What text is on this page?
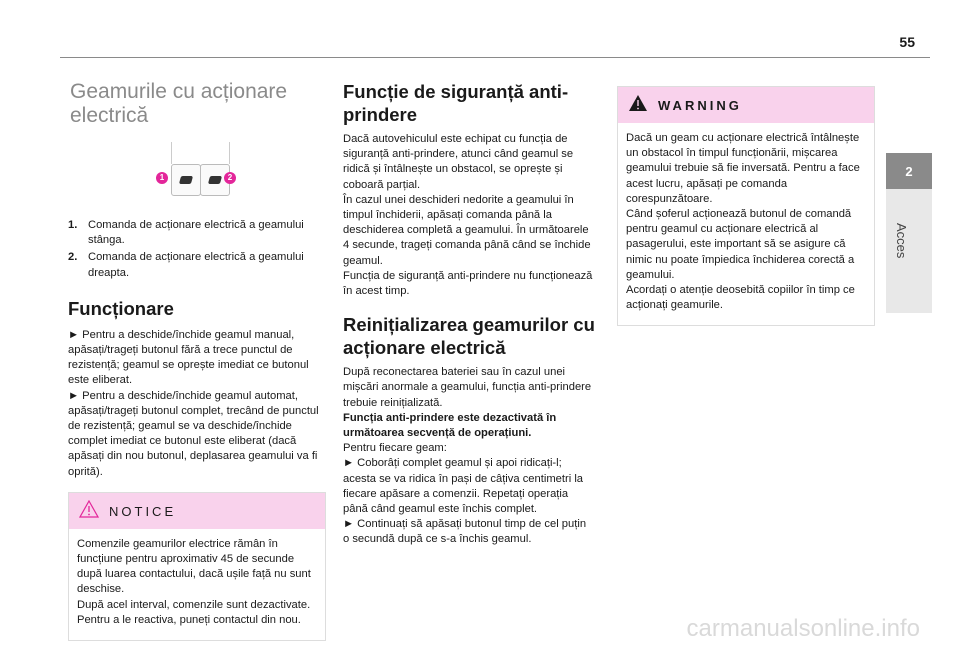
55
2
Acces
Geamurile cu acționare electrică
1	2
1. Comanda de acționare electrică a geamului stânga.
2. Comanda de acționare electrică a geamului dreapta.
Funcționare

► Pentru a deschide/închide geamul manual, apăsați/trageți butonul fără a trece punctul de rezistență; geamul se oprește imediat ce butonul este eliberat.

► Pentru a deschide/închide geamul automat, apăsați/trageți butonul complet, trecând de punctul de rezistență; geamul se va deschide/închide complet imediat ce butonul este eliberat (dacă apăsați din nou butonul, deplasarea geamului va fi oprită).

NOTICE

Comenzile geamurilor electrice rămân în funcțiune pentru aproximativ 45 de secunde după luarea contactului, dacă ușile față nu sunt deschise.

După acel interval, comenzile sunt dezactivate. Pentru a le reactiva, puneți contactul din nou.

Funcție de siguranță anti-prindere

Dacă autovehiculul este echipat cu funcția de siguranță anti-prindere, atunci când geamul se ridică și întâlnește un obstacol, se oprește și coboară parțial.

În cazul unei deschideri nedorite a geamului în timpul închiderii, apăsați comanda până la deschiderea completă a geamului. În următoarele 4 secunde, trageți comanda până când se închide geamul.

Funcția de siguranță anti-prindere nu funcționează în acest timp.

Reinițializarea geamurilor cu acționare electrică

După reconectarea bateriei sau în cazul unei mișcări anormale a geamului, funcția anti-prindere trebuie reinițializată.

Funcția anti-prindere este dezactivată în următoarea secvență de operațiuni.

Pentru fiecare geam:

► Coborâți complet geamul și apoi ridicați-l; acesta se va ridica în pași de câțiva centimetri la fiecare apăsare a comenzii. Repetați operația până când geamul este închis complet.

► Continuați să apăsați butonul timp de cel puțin o secundă după ce s-a închis geamul.

WARNING

Dacă un geam cu acționare electrică întâlnește un obstacol în timpul funcționării, mișcarea geamului trebuie să fie inversată. Pentru a face acest lucru, apăsați pe comanda corespunzătoare.

Când șoferul acționează butonul de comandă pentru geamul cu acționare electrică al pasagerului, este important să se asigure că nimic nu poate împiedica închiderea corectă a geamului.

Acordați o atenție deosebită copiilor în timp ce acționați geamurile.

carmanualsonline.info
